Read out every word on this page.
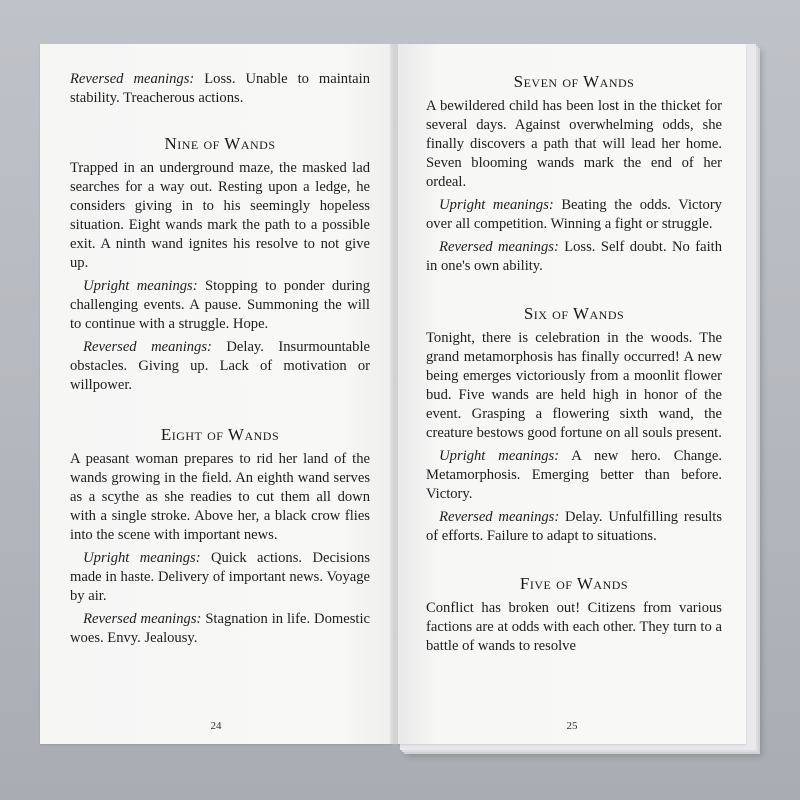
Reversed meanings: Loss. Unable to maintain stability. Treacherous actions.

Nine of Wands

Trapped in an underground maze, the masked lad searches for a way out. Resting upon a ledge, he considers giving in to his seemingly hopeless situation. Eight wands mark the path to a possible exit. A ninth wand ignites his resolve to not give up.

Upright meanings: Stopping to ponder during challenging events. A pause. Summoning the will to continue with a struggle. Hope.

Reversed meanings: Delay. Insurmountable obstacles. Giving up. Lack of motivation or willpower.

Eight of Wands

A peasant woman prepares to rid her land of the wands growing in the field. An eighth wand serves as a scythe as she readies to cut them all down with a single stroke. Above her, a black crow flies into the scene with important news.

Upright meanings: Quick actions. Decisions made in haste. Delivery of important news. Voyage by air.

Reversed meanings: Stagnation in life. Domestic woes. Envy. Jealousy.

24
Seven of Wands

A bewildered child has been lost in the thicket for several days. Against overwhelming odds, she finally discovers a path that will lead her home. Seven blooming wands mark the end of her ordeal.

Upright meanings: Beating the odds. Victory over all competition. Winning a fight or struggle.

Reversed meanings: Loss. Self doubt. No faith in one's own ability.

Six of Wands

Tonight, there is celebration in the woods. The grand metamorphosis has finally occurred! A new being emerges victoriously from a moonlit flower bud. Five wands are held high in honor of the event. Grasping a flowering sixth wand, the creature bestows good fortune on all souls present.

Upright meanings: A new hero. Change. Metamorphosis. Emerging better than before. Victory.

Reversed meanings: Delay. Unfulfilling results of efforts. Failure to adapt to situations.

Five of Wands

Conflict has broken out! Citizens from various factions are at odds with each other. They turn to a battle of wands to resolve

25
